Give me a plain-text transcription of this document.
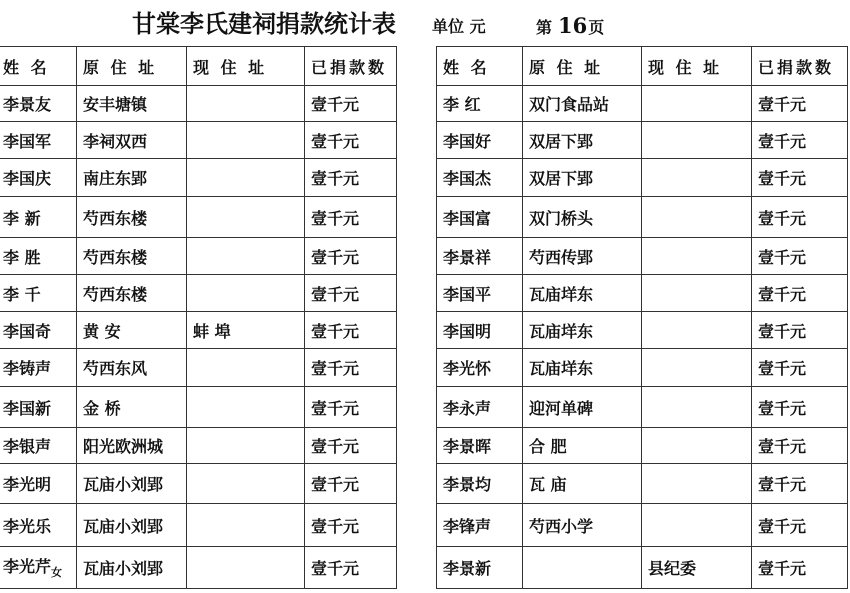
甘棠李氏建祠捐款统计表 单位 元	第 16页
姓 名	原 住 址	现 住 址	已捐款数
李景友	安丰塘镇		壹千元
李国军	李祠双西		壹千元
李国庆	南庄东郢		壹千元
李 新	芍西东楼		壹千元
李 胜	芍西东楼		壹千元
李 千	芍西东楼		壹千元
李国奇	黄 安	蚌 埠	壹千元
李铸声	芍西东风		壹千元
李国新	金 桥		壹千元
李银声	阳光欧洲城		壹千元
李光明	瓦庙小刘郢		壹千元
李光乐	瓦庙小刘郢		壹千元
李光芹$_女$	瓦庙小刘郢		壹千元
姓 名	原 住 址	现 住 址	已捐款数
李 红	双门食品站		壹千元
李国好	双居下郢		壹千元
李国杰	双居下郢		壹千元
李国富	双门桥头		壹千元
李景祥	芍西传郢		壹千元
李国平	瓦庙垟东		壹千元
李国明	瓦庙垟东		壹千元
李光怀	瓦庙垟东		壹千元
李永声	迎河单碑		壹千元
李景晖	合 肥		壹千元
李景均	瓦 庙		壹千元
李锋声	芍西小学		壹千元
李景新		县纪委	壹千元
